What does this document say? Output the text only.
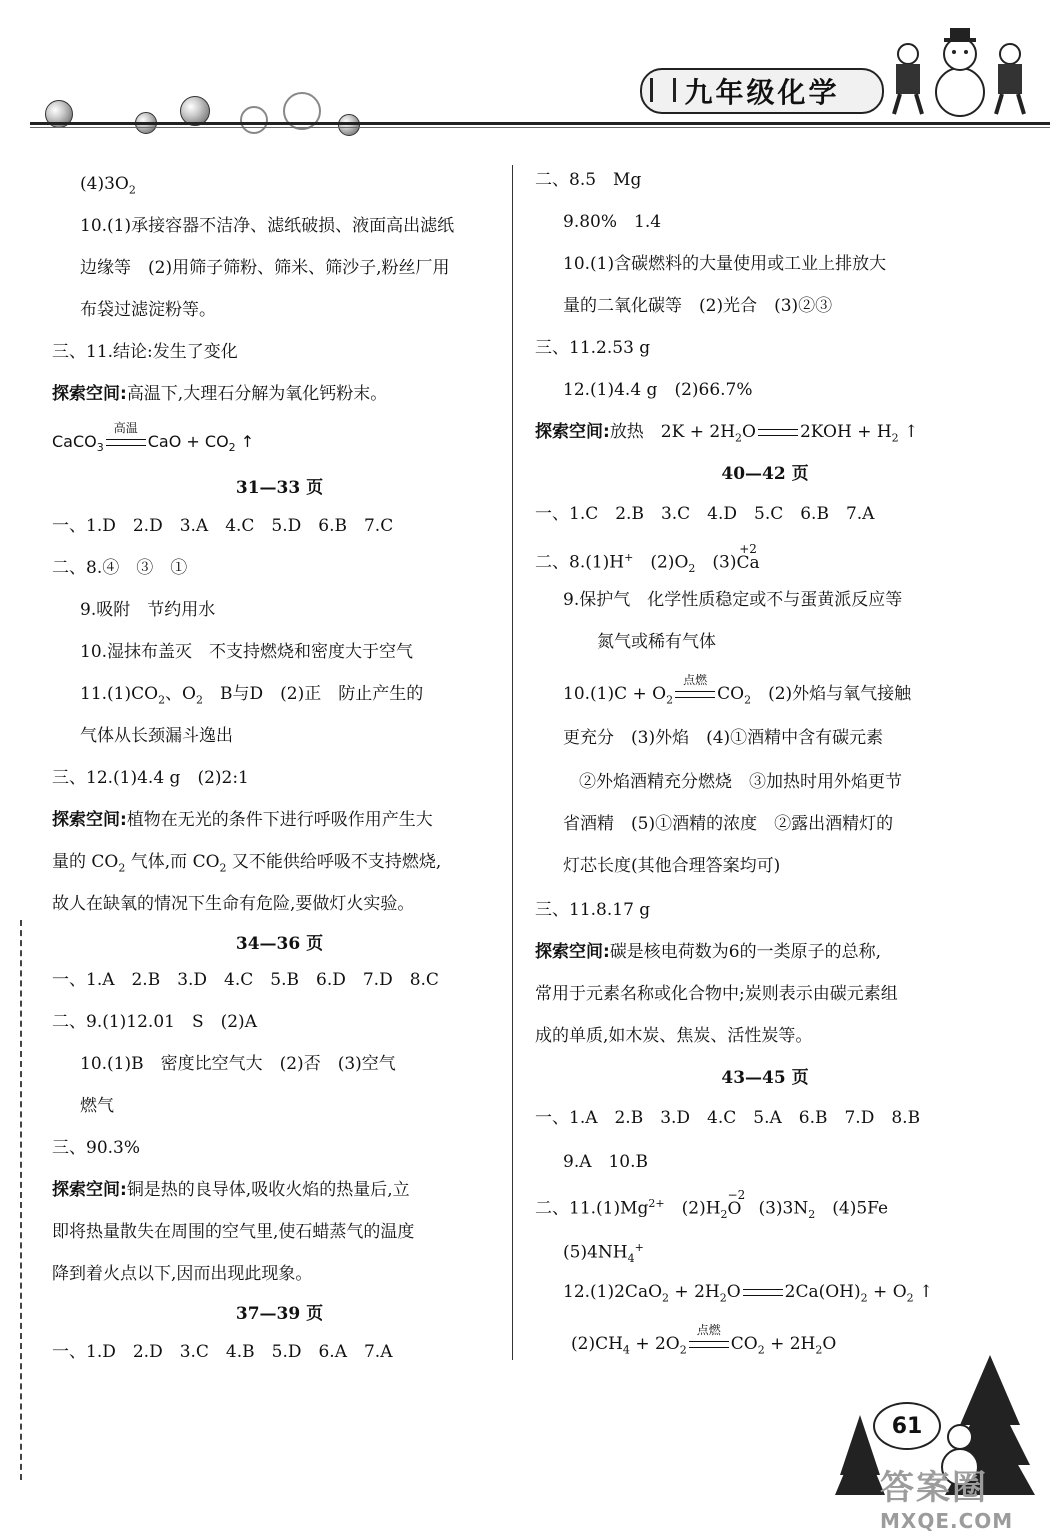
九年级化学
$(4)3O_2$
10.(1)承接容器不洁净、滤纸破损、液面高出滤纸
边缘等　(2)用筛子筛粉、筛米、筛沙子,粉丝厂用
布袋过滤淀粉等。
三、11.结论:发生了变化
探索空间:高温下,大理石分解为氧化钙粉末。
CaCO$_3$
高温
CaO + $CO_2$ ↑
31—33 页
一、1.D　2.D　3.A　4.C　5.D　6.B　7.C
二、8.④　③　①
9.吸附　节约用水
10.湿抹布盖灭　不支持燃烧和密度大于空气
$11.(1)CO_2$、$O_2$　B与D　(2)正　防止产生的
气体从长颈漏斗逸出
三、12.(1)4.4 g　(2)2:1
探索空间:植物在无光的条件下进行呼吸作用产生大
量的 $CO_2$ 气体,而 $CO_2$ 又不能供给呼吸不支持燃烧,
故人在缺氧的情况下生命有危险,要做灯火实验。
34—36 页
一、1.A　2.B　3.D　4.C　5.B　6.D　7.D　8.C
二、9.(1)12.01　S　(2)A
10.(1)B　密度比空气大　(2)否　(3)空气
燃气
三、90.3%
探索空间:铜是热的良导体,吸收火焰的热量后,立
即将热量散失在周围的空气里,使石蜡蒸气的温度
降到着火点以下,因而出现此现象。
37—39 页
一、1.D　2.D　3.C　4.B　5.D　6.A　7.A
二、8.5　Mg
9.80%　1.4
10.(1)含碳燃料的大量使用或工业上排放大
量的二氧化碳等　(2)光合　(3)②③
三、11.2.53 g
12.(1)4.4 g　(2)66.7%
探索空间:放热　$2K + 2H_2O$	$2KOH + H_2$ ↑
40—42 页
一、1.C　2.B　3.C　4.D　5.C　6.B　7.A
二、8.(1)H+　$(2)O_2$　(3)
+2
Ca
9.保护气　化学性质稳定或不与蛋黄派反应等
氮气或稀有气体
$10.(1)C + O_2$
点燃
$CO_2$　(2)外焰与氧气接触
更充分　(3)外焰　(4)①酒精中含有碳元素
②外焰酒精充分燃烧　③加热时用外焰更节
省酒精　(5)①酒精的浓度　②露出酒精灯的
灯芯长度(其他合理答案均可)
三、11.8.17 g
探索空间:碳是核电荷数为6的一类原子的总称,
常用于元素名称或化合物中;炭则表示由碳元素组
成的单质,如木炭、焦炭、活性炭等。
43—45 页
一、1.A　2.B　3.D　4.C　5.A　6.B　7.D　8.B
9.A　10.B
二、$11.(1)Mg^{2+}$　$(2)H_2$
−2
O　$(3)3N_2$　(4)5Fe
$(5)4NH_4^+$
$12.(1)2CaO_2 + 2H_2O$	$2Ca(OH)_2 + O_2$ ↑
$(2)CH_4 + 2O_2$
点燃
$CO_2 + 2H_2O$
61
答案圈
MXQE.COM
